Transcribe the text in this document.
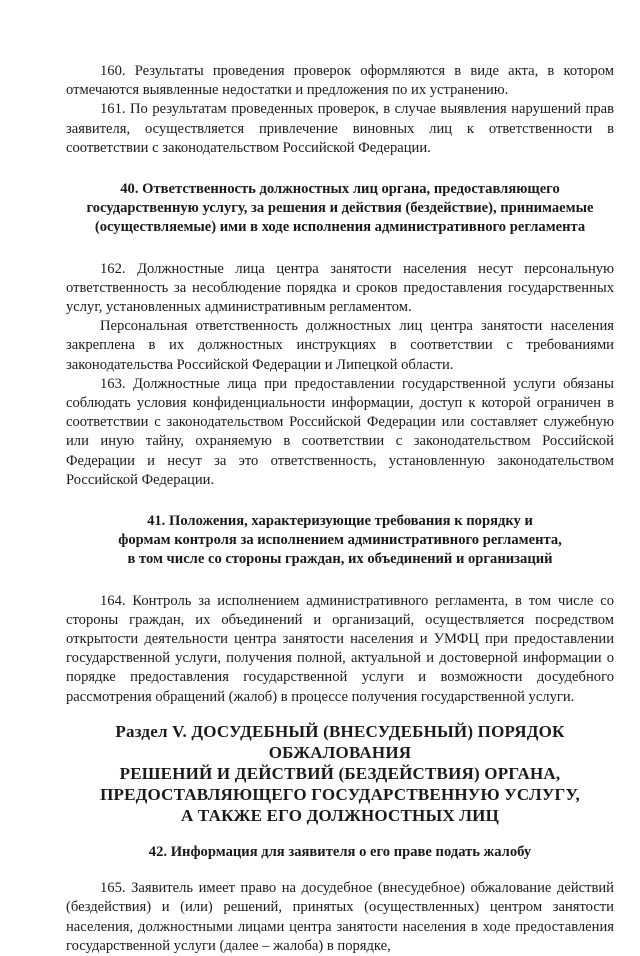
160. Результаты проведения проверок оформляются в виде акта, в котором отмечаются выявленные недостатки и предложения по их устранению.

161. По результатам проведенных проверок, в случае выявления нарушений прав заявителя, осуществляется привлечение виновных лиц к ответственности в соответствии с законодательством Российской Федерации.

40. Ответственность должностных лиц органа, предоставляющего государственную услугу, за решения и действия (бездействие), принимаемые (осуществляемые) ими в ходе исполнения административного регламента

162. Должностные лица центра занятости населения несут персональную ответственность за несоблюдение порядка и сроков предоставления государственных услуг, установленных административным регламентом.

Персональная ответственность должностных лиц центра занятости населения закреплена в их должностных инструкциях в соответствии с требованиями законодательства Российской Федерации и Липецкой области.

163. Должностные лица при предоставлении государственной услуги обязаны соблюдать условия конфиденциальности информации, доступ к которой ограничен в соответствии с законодательством Российской Федерации или составляет служебную или иную тайну, охраняемую в соответствии с законодательством Российской Федерации и несут за это ответственность, установленную законодательством Российской Федерации.

41. Положения, характеризующие требования к порядку и

формам контроля за исполнением административного регламента,

в том числе со стороны граждан, их объединений и организаций

164. Контроль за исполнением административного регламента, в том числе со стороны граждан, их объединений и организаций, осуществляется посредством открытости деятельности центра занятости населения и УМФЦ при предоставлении государственной услуги, получения полной, актуальной и достоверной информации о порядке предоставления государственной услуги и возможности досудебного рассмотрения обращений (жалоб) в процессе получения государственной услуги.

Раздел V. ДОСУДЕБНЫЙ (ВНЕСУДЕБНЫЙ) ПОРЯДОК ОБЖАЛОВАНИЯ

РЕШЕНИЙ И ДЕЙСТВИЙ (БЕЗДЕЙСТВИЯ) ОРГАНА,

ПРЕДОСТАВЛЯЮЩЕГО ГОСУДАРСТВЕННУЮ УСЛУГУ,

А ТАКЖЕ ЕГО ДОЛЖНОСТНЫХ ЛИЦ

42. Информация для заявителя о его праве подать жалобу

165. Заявитель имеет право на досудебное (внесудебное) обжалование действий (бездействия) и (или) решений, принятых (осуществленных) центром занятости населения, должностными лицами центра занятости населения в ходе предоставления государственной услуги (далее – жалоба) в порядке,
